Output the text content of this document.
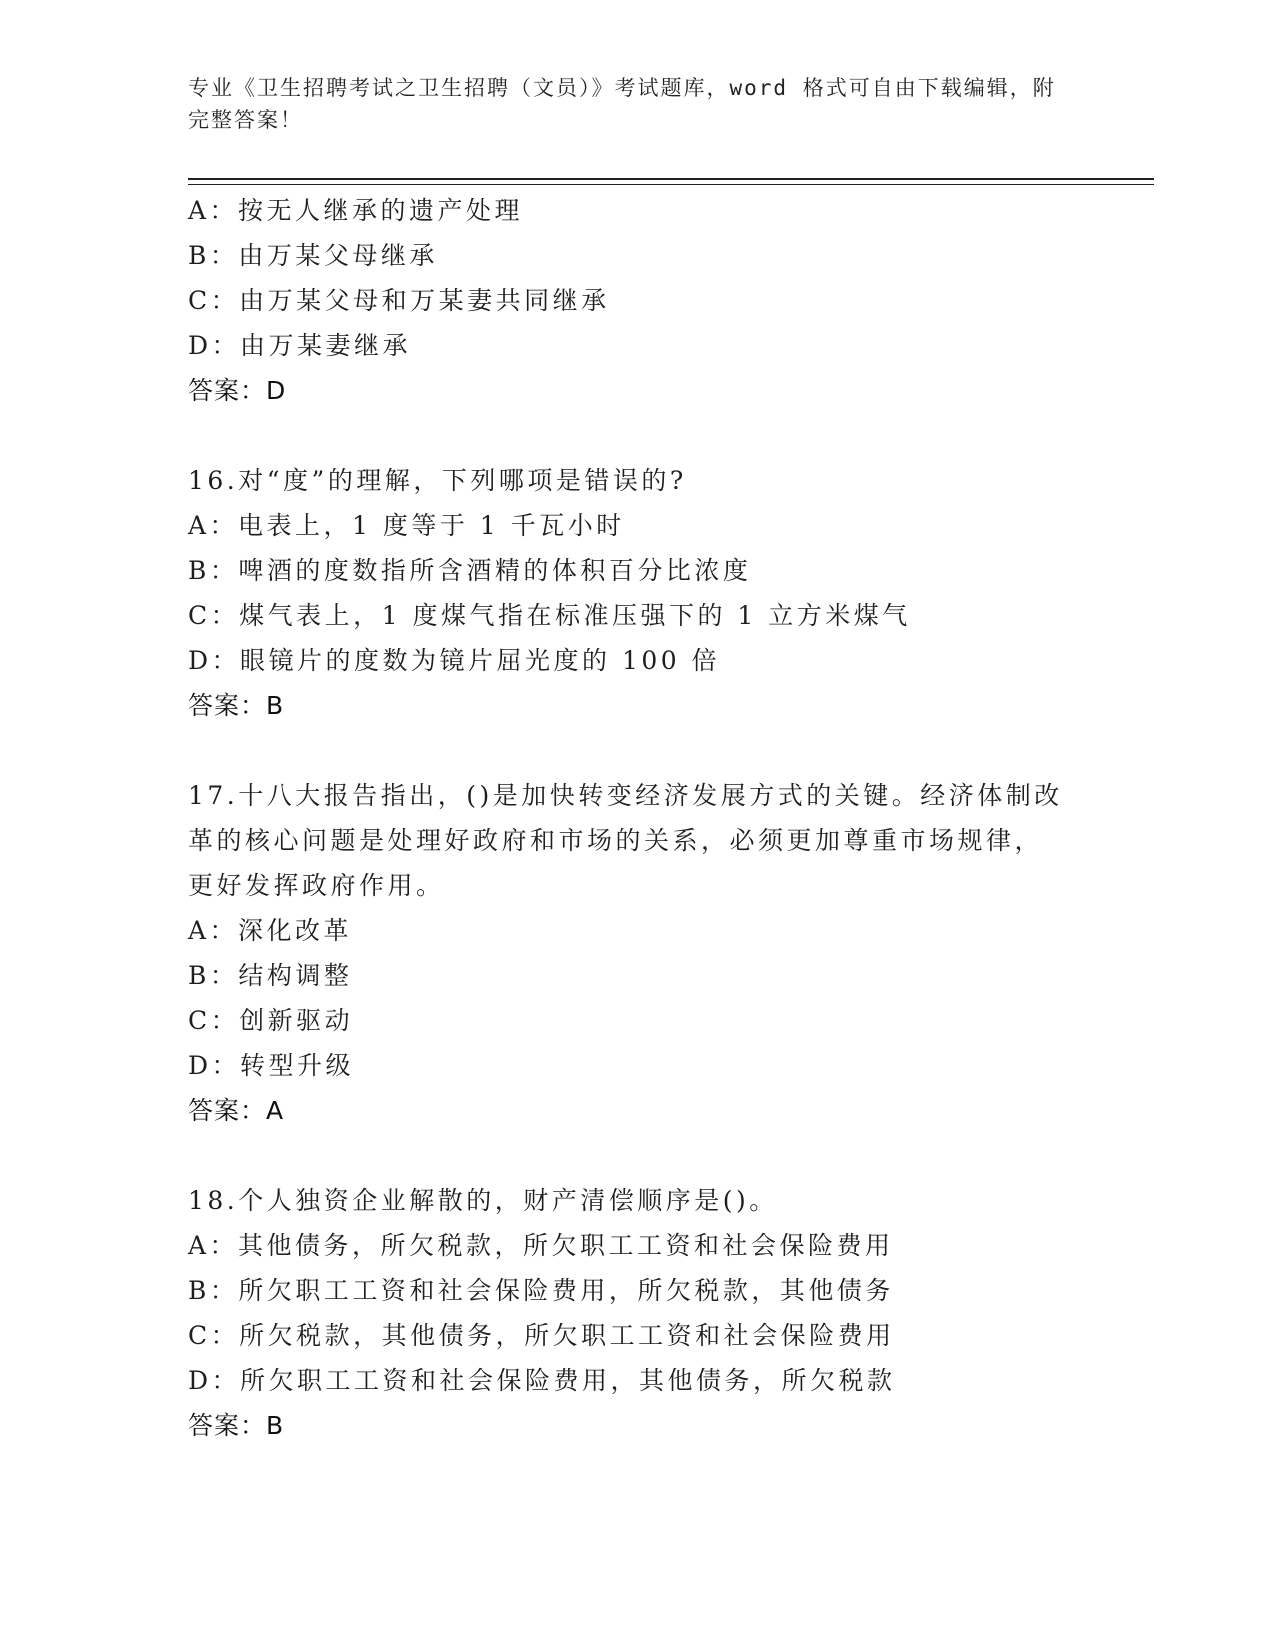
专业《卫生招聘考试之卫生招聘（文员）》考试题库，word 格式可自由下载编辑，附完整答案！
A：按无人继承的遗产处理
B：由万某父母继承
C：由万某父母和万某妻共同继承
D：由万某妻继承
答案：D
16.对“度”的理解，下列哪项是错误的?
A：电表上，1 度等于 1 千瓦小时
B：啤酒的度数指所含酒精的体积百分比浓度
C：煤气表上，1 度煤气指在标准压强下的 1 立方米煤气
D：眼镜片的度数为镜片屈光度的 100 倍
答案：B
17.十八大报告指出，()是加快转变经济发展方式的关键。经济体制改
革的核心问题是处理好政府和市场的关系，必须更加尊重市场规律，
更好发挥政府作用。
A：深化改革
B：结构调整
C：创新驱动
D：转型升级
答案：A
18.个人独资企业解散的，财产清偿顺序是()。
A：其他债务，所欠税款，所欠职工工资和社会保险费用
B：所欠职工工资和社会保险费用，所欠税款，其他债务
C：所欠税款，其他债务，所欠职工工资和社会保险费用
D：所欠职工工资和社会保险费用，其他债务，所欠税款
答案：B
